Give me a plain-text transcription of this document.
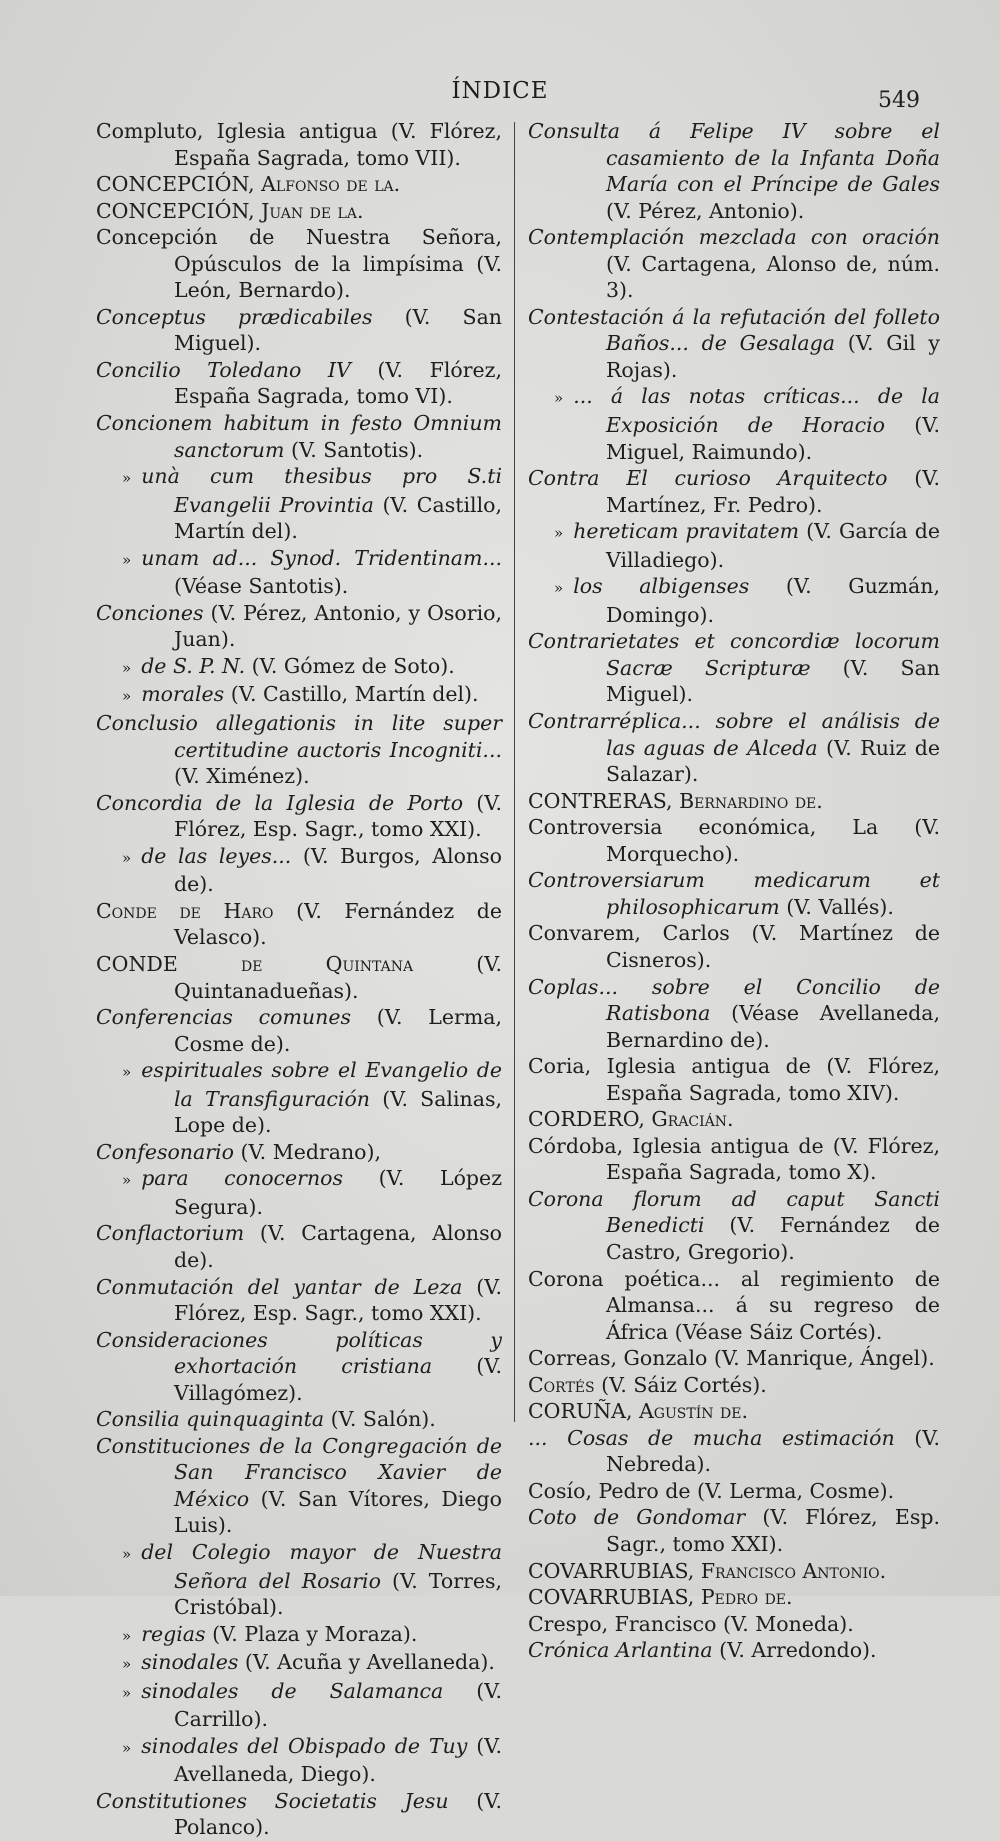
ÍNDICE	549

Compluto, Iglesia antigua (V. Flórez, España Sagrada, tomo VII).

CONCEPCIÓN, Alfonso de la.

CONCEPCIÓN, Juan de la.

Concepción de Nuestra Señora, Opúsculos de la limpísima (V. León, Bernardo).

Conceptus prædicabiles (V. San Miguel).

Concilio Toledano IV (V. Flórez, España Sagrada, tomo VI).

Concionem habitum in festo Omnium sanctorum (V. Santotis).

» unà cum thesibus pro S.ti Evangelii Provintia (V. Castillo, Martín del).

» unam ad... Synod. Tridentinam... (Véase Santotis).

Conciones (V. Pérez, Antonio, y Osorio, Juan).

» de S. P. N. (V. Gómez de Soto).

» morales (V. Castillo, Martín del).

Conclusio allegationis in lite super certitudine auctoris Incogniti... (V. Ximénez).

Concordia de la Iglesia de Porto (V. Flórez, Esp. Sagr., tomo XXI).

» de las leyes... (V. Burgos, Alonso de).

Conde de Haro (V. Fernández de Velasco).

CONDE de Quintana (V. Quintanadueñas).

Conferencias comunes (V. Lerma, Cosme de).

» espirituales sobre el Evangelio de la Transfiguración (V. Salinas, Lope de).

Confesonario (V. Medrano),

» para conocernos (V. López Segura).

Conflactorium (V. Cartagena, Alonso de).

Conmutación del yantar de Leza (V. Flórez, Esp. Sagr., tomo XXI).

Consideraciones políticas y exhortación cristiana (V. Villagómez).

Consilia quinquaginta (V. Salón).

Constituciones de la Congregación de San Francisco Xavier de México (V. San Vítores, Diego Luis).

» del Colegio mayor de Nuestra Señora del Rosario (V. Torres, Cristóbal).

» regias (V. Plaza y Moraza).

» sinodales (V. Acuña y Avellaneda).

» sinodales de Salamanca (V. Carrillo).

» sinodales del Obispado de Tuy (V. Avellaneda, Diego).

Constitutiones Societatis Jesu (V. Polanco).

Consulta á Felipe IV sobre el casamiento de la Infanta Doña María con el Príncipe de Gales (V. Pérez, Antonio).

Contemplación mezclada con oración (V. Cartagena, Alonso de, núm. 3).

Contestación á la refutación del folleto Baños... de Gesalaga (V. Gil y Rojas).

» ... á las notas críticas... de la Exposición de Horacio (V. Miguel, Raimundo).

Contra El curioso Arquitecto (V. Martínez, Fr. Pedro).

» hereticam pravitatem (V. García de Villadiego).

» los albigenses (V. Guzmán, Domingo).

Contrarietates et concordiæ locorum Sacræ Scripturæ (V. San Miguel).

Contrarréplica... sobre el análisis de las aguas de Alceda (V. Ruiz de Salazar).

CONTRERAS, Bernardino de.

Controversia económica, La (V. Morquecho).

Controversiarum medicarum et philosophicarum (V. Vallés).

Convarem, Carlos (V. Martínez de Cisneros).

Coplas... sobre el Concilio de Ratisbona (Véase Avellaneda, Bernardino de).

Coria, Iglesia antigua de (V. Flórez, España Sagrada, tomo XIV).

CORDERO, Gracián.

Córdoba, Iglesia antigua de (V. Flórez, España Sagrada, tomo X).

Corona florum ad caput Sancti Benedicti (V. Fernández de Castro, Gregorio).

Corona poética... al regimiento de Almansa... á su regreso de África (Véase Sáiz Cortés).

Correas, Gonzalo (V. Manrique, Ángel).

Cortés (V. Sáiz Cortés).

CORUÑA, Agustín de.

... Cosas de mucha estimación (V. Nebreda).

Cosío, Pedro de (V. Lerma, Cosme).

Coto de Gondomar (V. Flórez, Esp. Sagr., tomo XXI).

COVARRUBIAS, Francisco Antonio.

COVARRUBIAS, Pedro de.

Crespo, Francisco (V. Moneda).

Crónica Arlantina (V. Arredondo).
